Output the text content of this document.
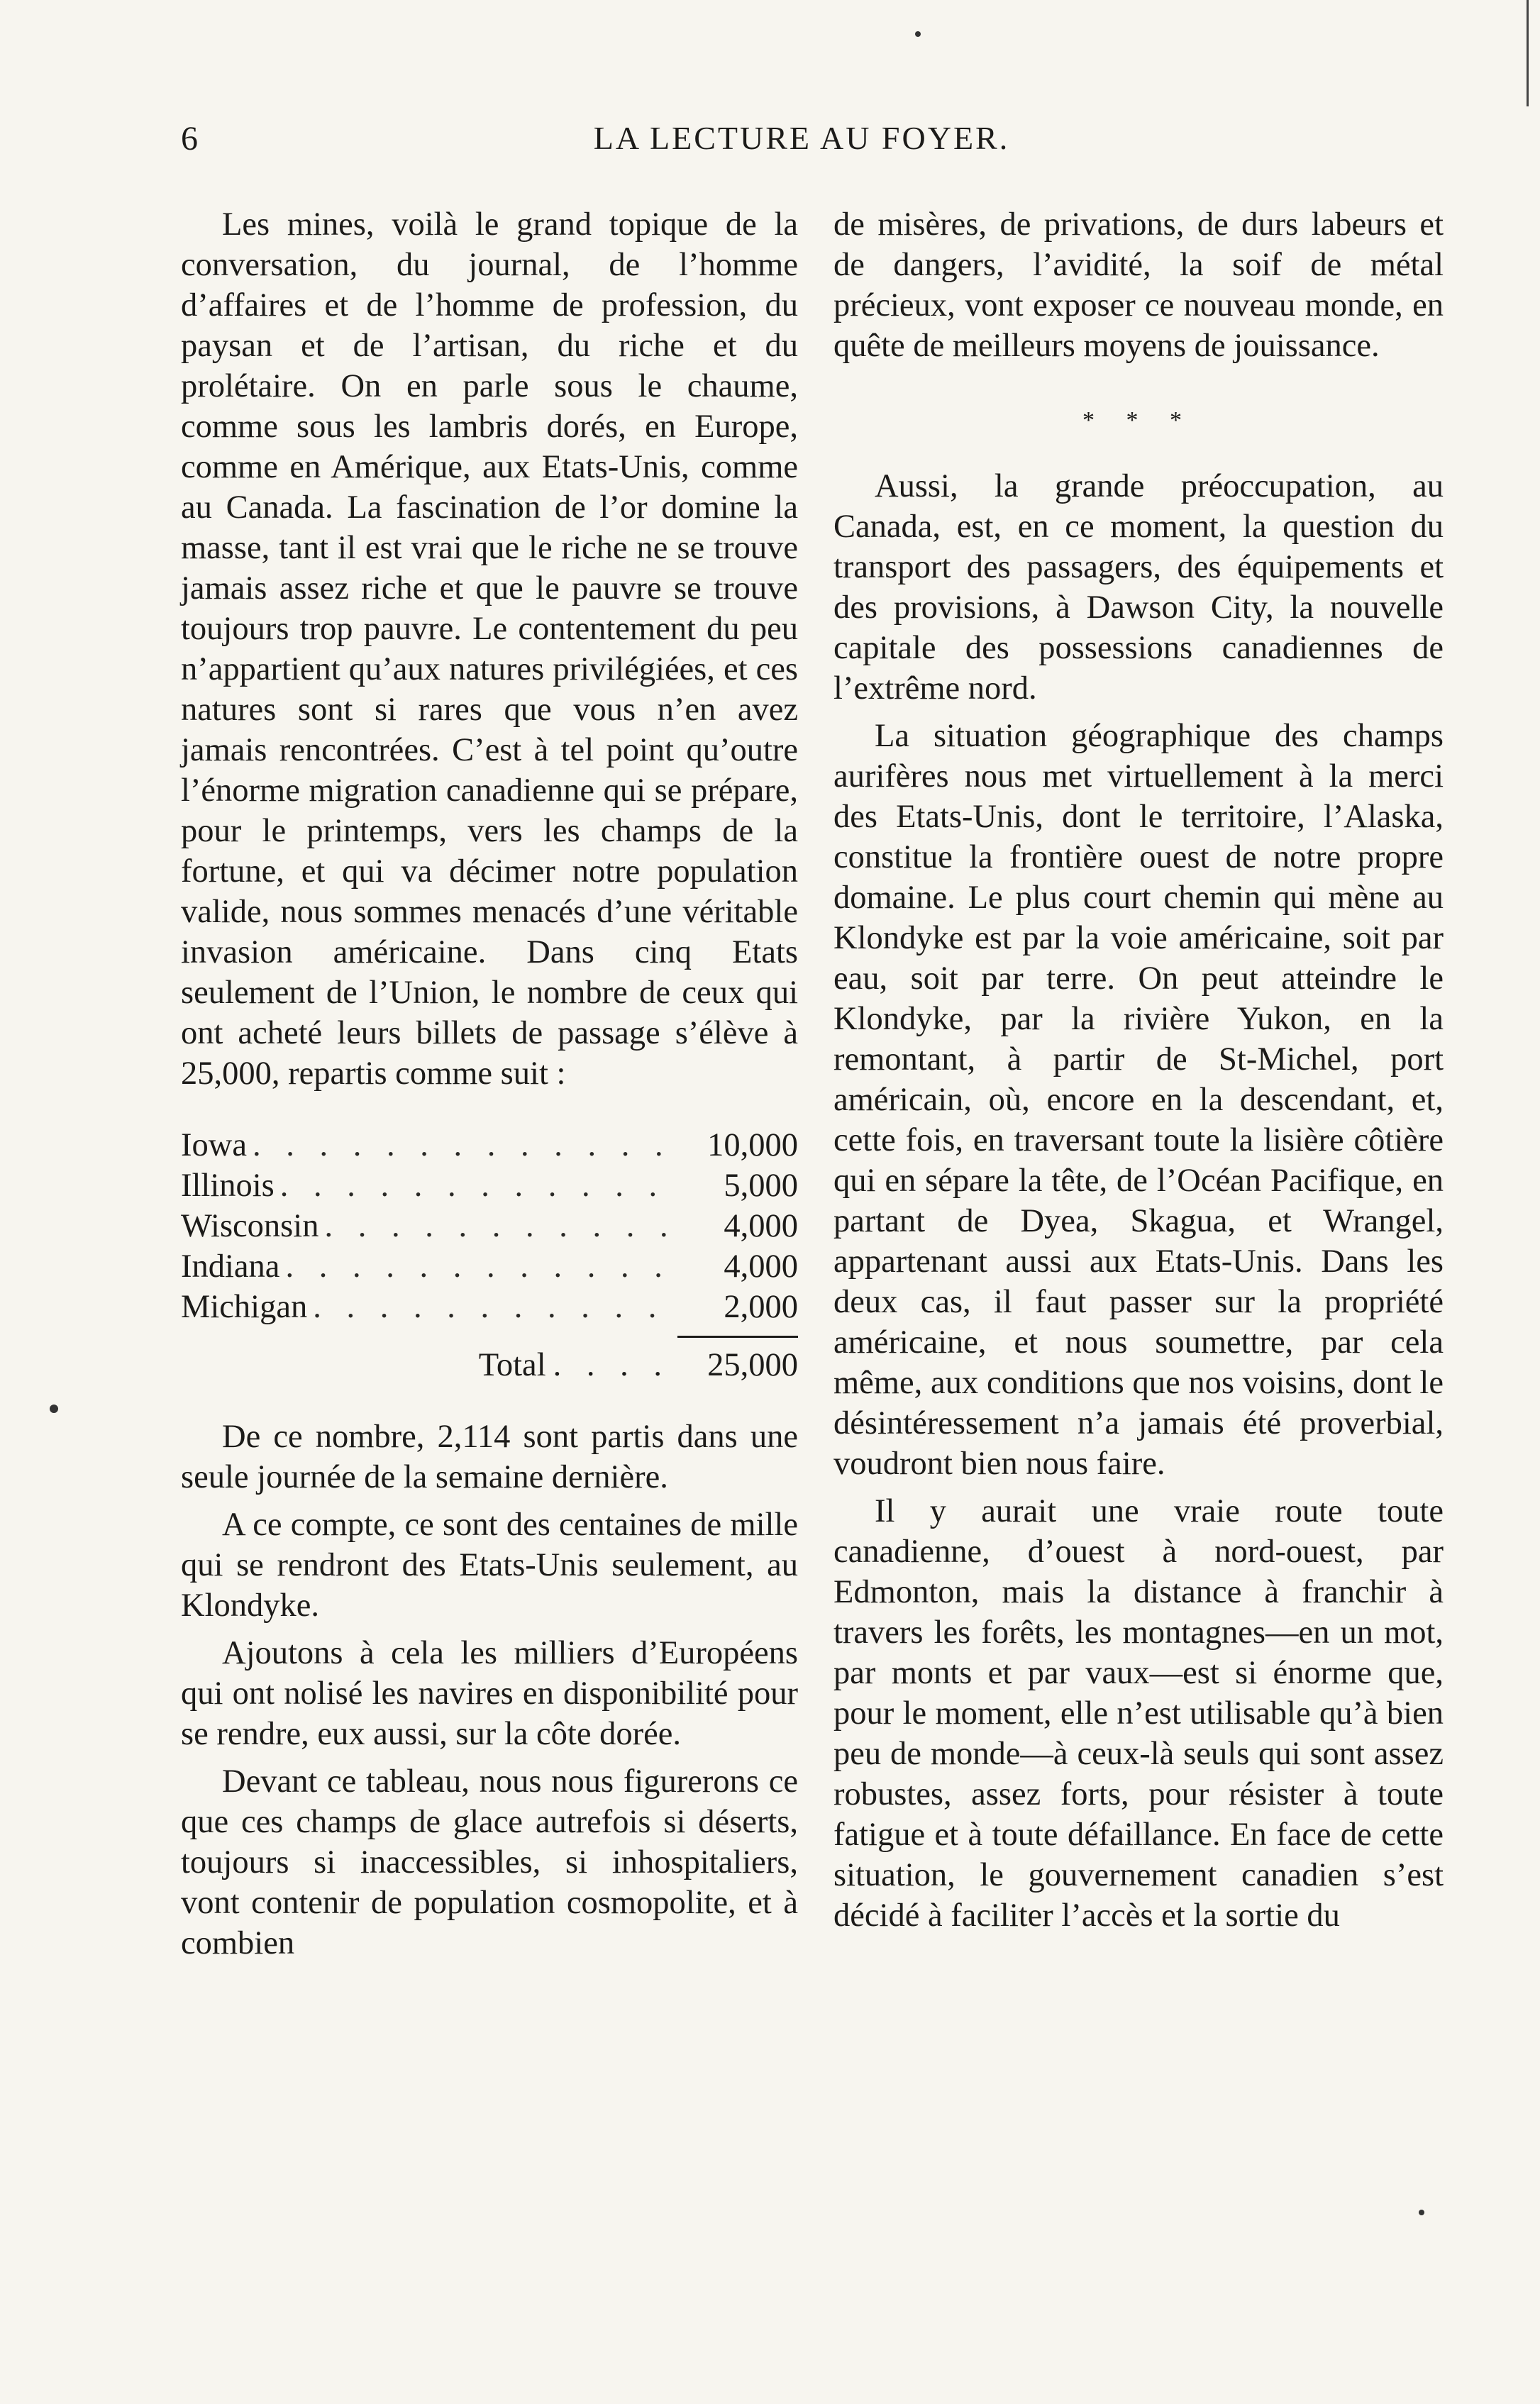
6	LA LECTURE AU FOYER.

Les mines, voilà le grand topique de la conversation, du journal, de l’homme d’affaires et de l’homme de profession, du paysan et de l’artisan, du riche et du prolétaire. On en parle sous le chaume, comme sous les lambris dorés, en Europe, comme en Amérique, aux Etats-Unis, comme au Canada. La fascination de l’or domine la masse, tant il est vrai que le riche ne se trouve jamais assez riche et que le pauvre se trouve toujours trop pauvre. Le contentement du peu n’appartient qu’aux natures privilégiées, et ces natures sont si rares que vous n’en avez jamais rencontrées. C’est à tel point qu’outre l’énorme migration canadienne qui se prépare, pour le printemps, vers les champs de la fortune, et qui va décimer notre population valide, nous sommes menacés d’une véritable invasion américaine. Dans cinq Etats seulement de l’Union, le nombre de ceux qui ont acheté leurs billets de passage s’élève à 25,000, repartis comme suit :

Iowa . . .	10,000
Illinois . . .	5,000
Wisconsin . . .	4,000
Indiana . . .	4,000
Michigan . . .	2,000
Total . . . .	25,000

De ce nombre, 2,114 sont partis dans une seule journée de la semaine dernière.

A ce compte, ce sont des centaines de mille qui se rendront des Etats-Unis seulement, au Klondyke.

Ajoutons à cela les milliers d’Européens qui ont nolisé les navires en disponibilité pour se rendre, eux aussi, sur la côte dorée.

Devant ce tableau, nous nous figurerons ce que ces champs de glace autrefois si déserts, toujours si inaccessibles, si inhospitaliers, vont contenir de population cosmopolite, et à combien

de misères, de privations, de durs labeurs et de dangers, l’avidité, la soif de métal précieux, vont exposer ce nouveau monde, en quête de meilleurs moyens de jouissance.

* * *

Aussi, la grande préoccupation, au Canada, est, en ce moment, la question du transport des passagers, des équipements et des provisions, à Dawson City, la nouvelle capitale des possessions canadiennes de l’extrême nord.

La situation géographique des champs aurifères nous met virtuellement à la merci des Etats-Unis, dont le territoire, l’Alaska, constitue la frontière ouest de notre propre domaine. Le plus court chemin qui mène au Klondyke est par la voie américaine, soit par eau, soit par terre. On peut atteindre le Klondyke, par la rivière Yukon, en la remontant, à partir de St-Michel, port américain, où, encore en la descendant, et, cette fois, en traversant toute la lisière côtière qui en sépare la tête, de l’Océan Pacifique, en partant de Dyea, Skagua, et Wrangel, appartenant aussi aux Etats-Unis. Dans les deux cas, il faut passer sur la propriété américaine, et nous soumettre, par cela même, aux conditions que nos voisins, dont le désintéressement n’a jamais été proverbial, voudront bien nous faire.

Il y aurait une vraie route toute canadienne, d’ouest à nord-ouest, par Edmonton, mais la distance à franchir à travers les forêts, les montagnes—en un mot, par monts et par vaux—est si énorme que, pour le moment, elle n’est utilisable qu’à bien peu de monde—à ceux-là seuls qui sont assez robustes, assez forts, pour résister à toute fatigue et à toute défaillance. En face de cette situation, le gouvernement canadien s’est décidé à faciliter l’accès et la sortie du
